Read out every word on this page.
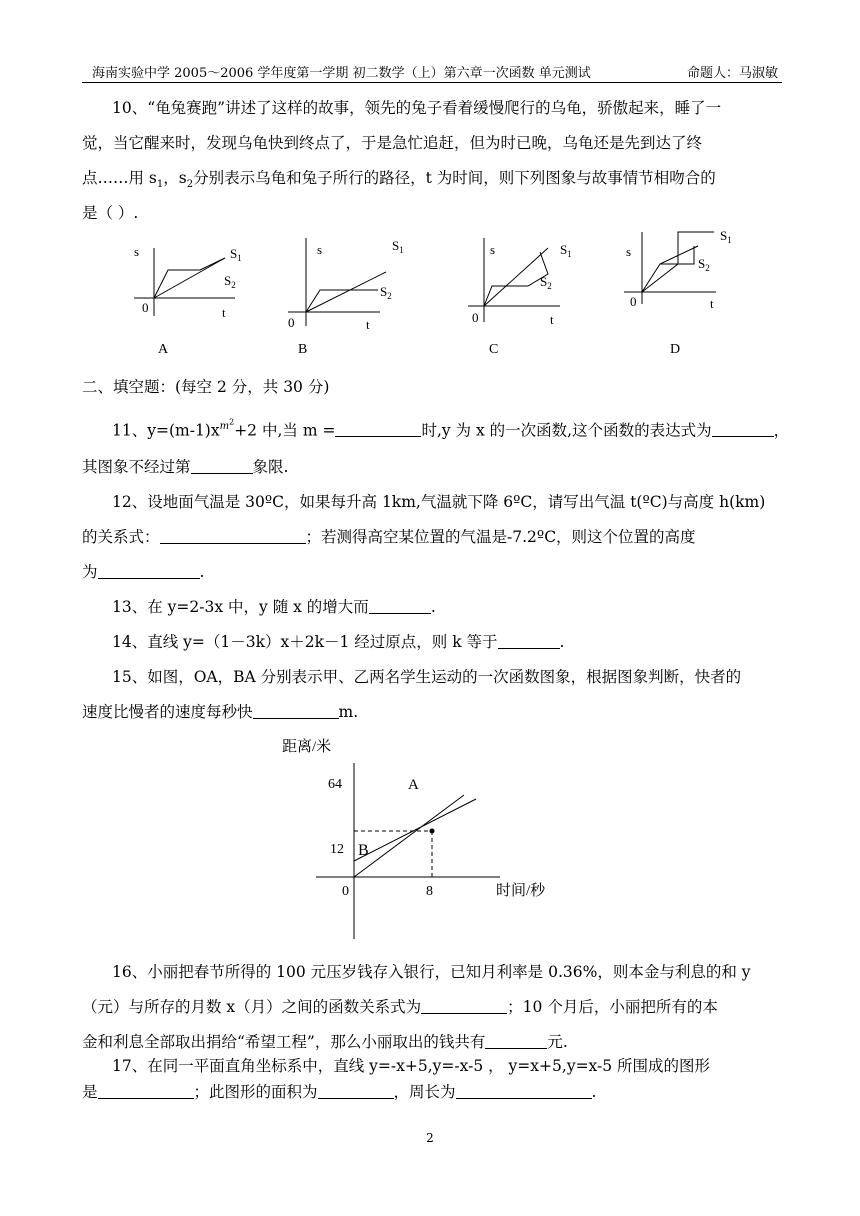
海南实验中学 2005～2006 学年度第一学期 初二数学（上）第六章一次函数 单元测试	命题人：马淑敏
10、“龟兔赛跑”讲述了这样的故事，领先的兔子看着缓慢爬行的乌龟，骄傲起来，睡了一
觉，当它醒来时，发现乌龟快到终点了，于是急忙追赶，但为时已晚，乌龟还是先到达了终
点……用 $s_1$，$s_2$分别表示乌龟和兔子所行的路径，t 为时间，则下列图象与故事情节相吻合的
是（ ）.
s
t
0
$S_1$
$S_2$
s
t
0
$S_1$
$S_2$
s
t
0
$S_1$
$S_2$
s
t
0
$S_1$
$S_2$
A	B	C	D
二、填空题：(每空 2 分，共 30 分)
11、$y=(m-1)x^{m^2}+2$ 中,当 m =	时,y 为 x 的一次函数,这个函数的表达式为	，
其图象不经过第	象限.
12、设地面气温是 30ºC，如果每升高 1km,气温就下降 6ºC，请写出气温 t(ºC)与高度 h(km)
的关系式：	；若测得高空某位置的气温是-7.2ºC，则这个位置的高度
为	.
13、在 y=2-3x 中，y 随 x 的增大而	.
14、直线 y=（1－3k）x＋2k－1 经过原点，则 k 等于	.
15、如图，OA，BA 分别表示甲、乙两名学生运动的一次函数图象，根据图象判断，快者的
速度比慢者的速度每秒快	m.
距离/米
时间/秒
64
12
8
0
A
B
16、小丽把春节所得的 100 元压岁钱存入银行，已知月利率是 0.36%，则本金与利息的和 y
（元）与所存的月数 x（月）之间的函数关系式为	；10 个月后，小丽把所有的本
金和利息全部取出捐给“希望工程”，那么小丽取出的钱共有	元.
17、在同一平面直角坐标系中，直线 y=-x+5,y=-x-5 ， y=x+5,y=x-5 所围成的图形
是	；此图形的面积为	，周长为	.
2
